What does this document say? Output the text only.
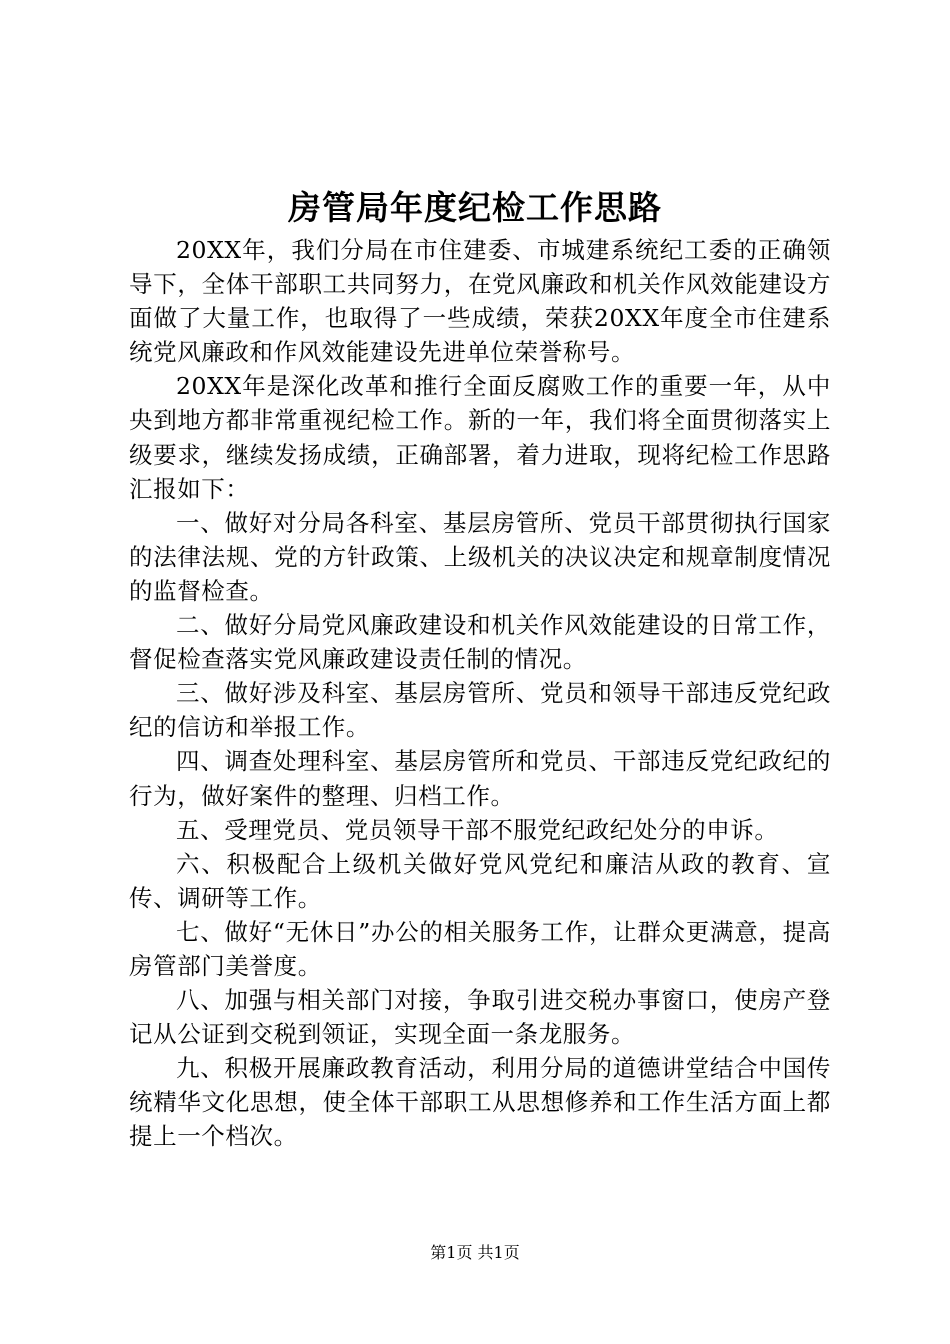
房管局年度纪检工作思路

20XX年，我们分局在市住建委、市城建系统纪工委的正确领导下，全体干部职工共同努力，在党风廉政和机关作风效能建设方面做了大量工作，也取得了一些成绩，荣获20XX年度全市住建系统党风廉政和作风效能建设先进单位荣誉称号。

20XX年是深化改革和推行全面反腐败工作的重要一年，从中央到地方都非常重视纪检工作。新的一年，我们将全面贯彻落实上级要求，继续发扬成绩，正确部署，着力进取，现将纪检工作思路汇报如下：

一、做好对分局各科室、基层房管所、党员干部贯彻执行国家的法律法规、党的方针政策、上级机关的决议决定和规章制度情况的监督检查。

二、做好分局党风廉政建设和机关作风效能建设的日常工作，督促检查落实党风廉政建设责任制的情况。

三、做好涉及科室、基层房管所、党员和领导干部违反党纪政纪的信访和举报工作。

四、调查处理科室、基层房管所和党员、干部违反党纪政纪的行为，做好案件的整理、归档工作。

五、受理党员、党员领导干部不服党纪政纪处分的申诉。

六、积极配合上级机关做好党风党纪和廉洁从政的教育、宣传、调研等工作。

七、做好“无休日”办公的相关服务工作，让群众更满意，提高房管部门美誉度。

八、加强与相关部门对接，争取引进交税办事窗口，使房产登记从公证到交税到领证，实现全面一条龙服务。

九、积极开展廉政教育活动，利用分局的道德讲堂结合中国传统精华文化思想，使全体干部职工从思想修养和工作生活方面上都提上一个档次。

第1页 共1页
